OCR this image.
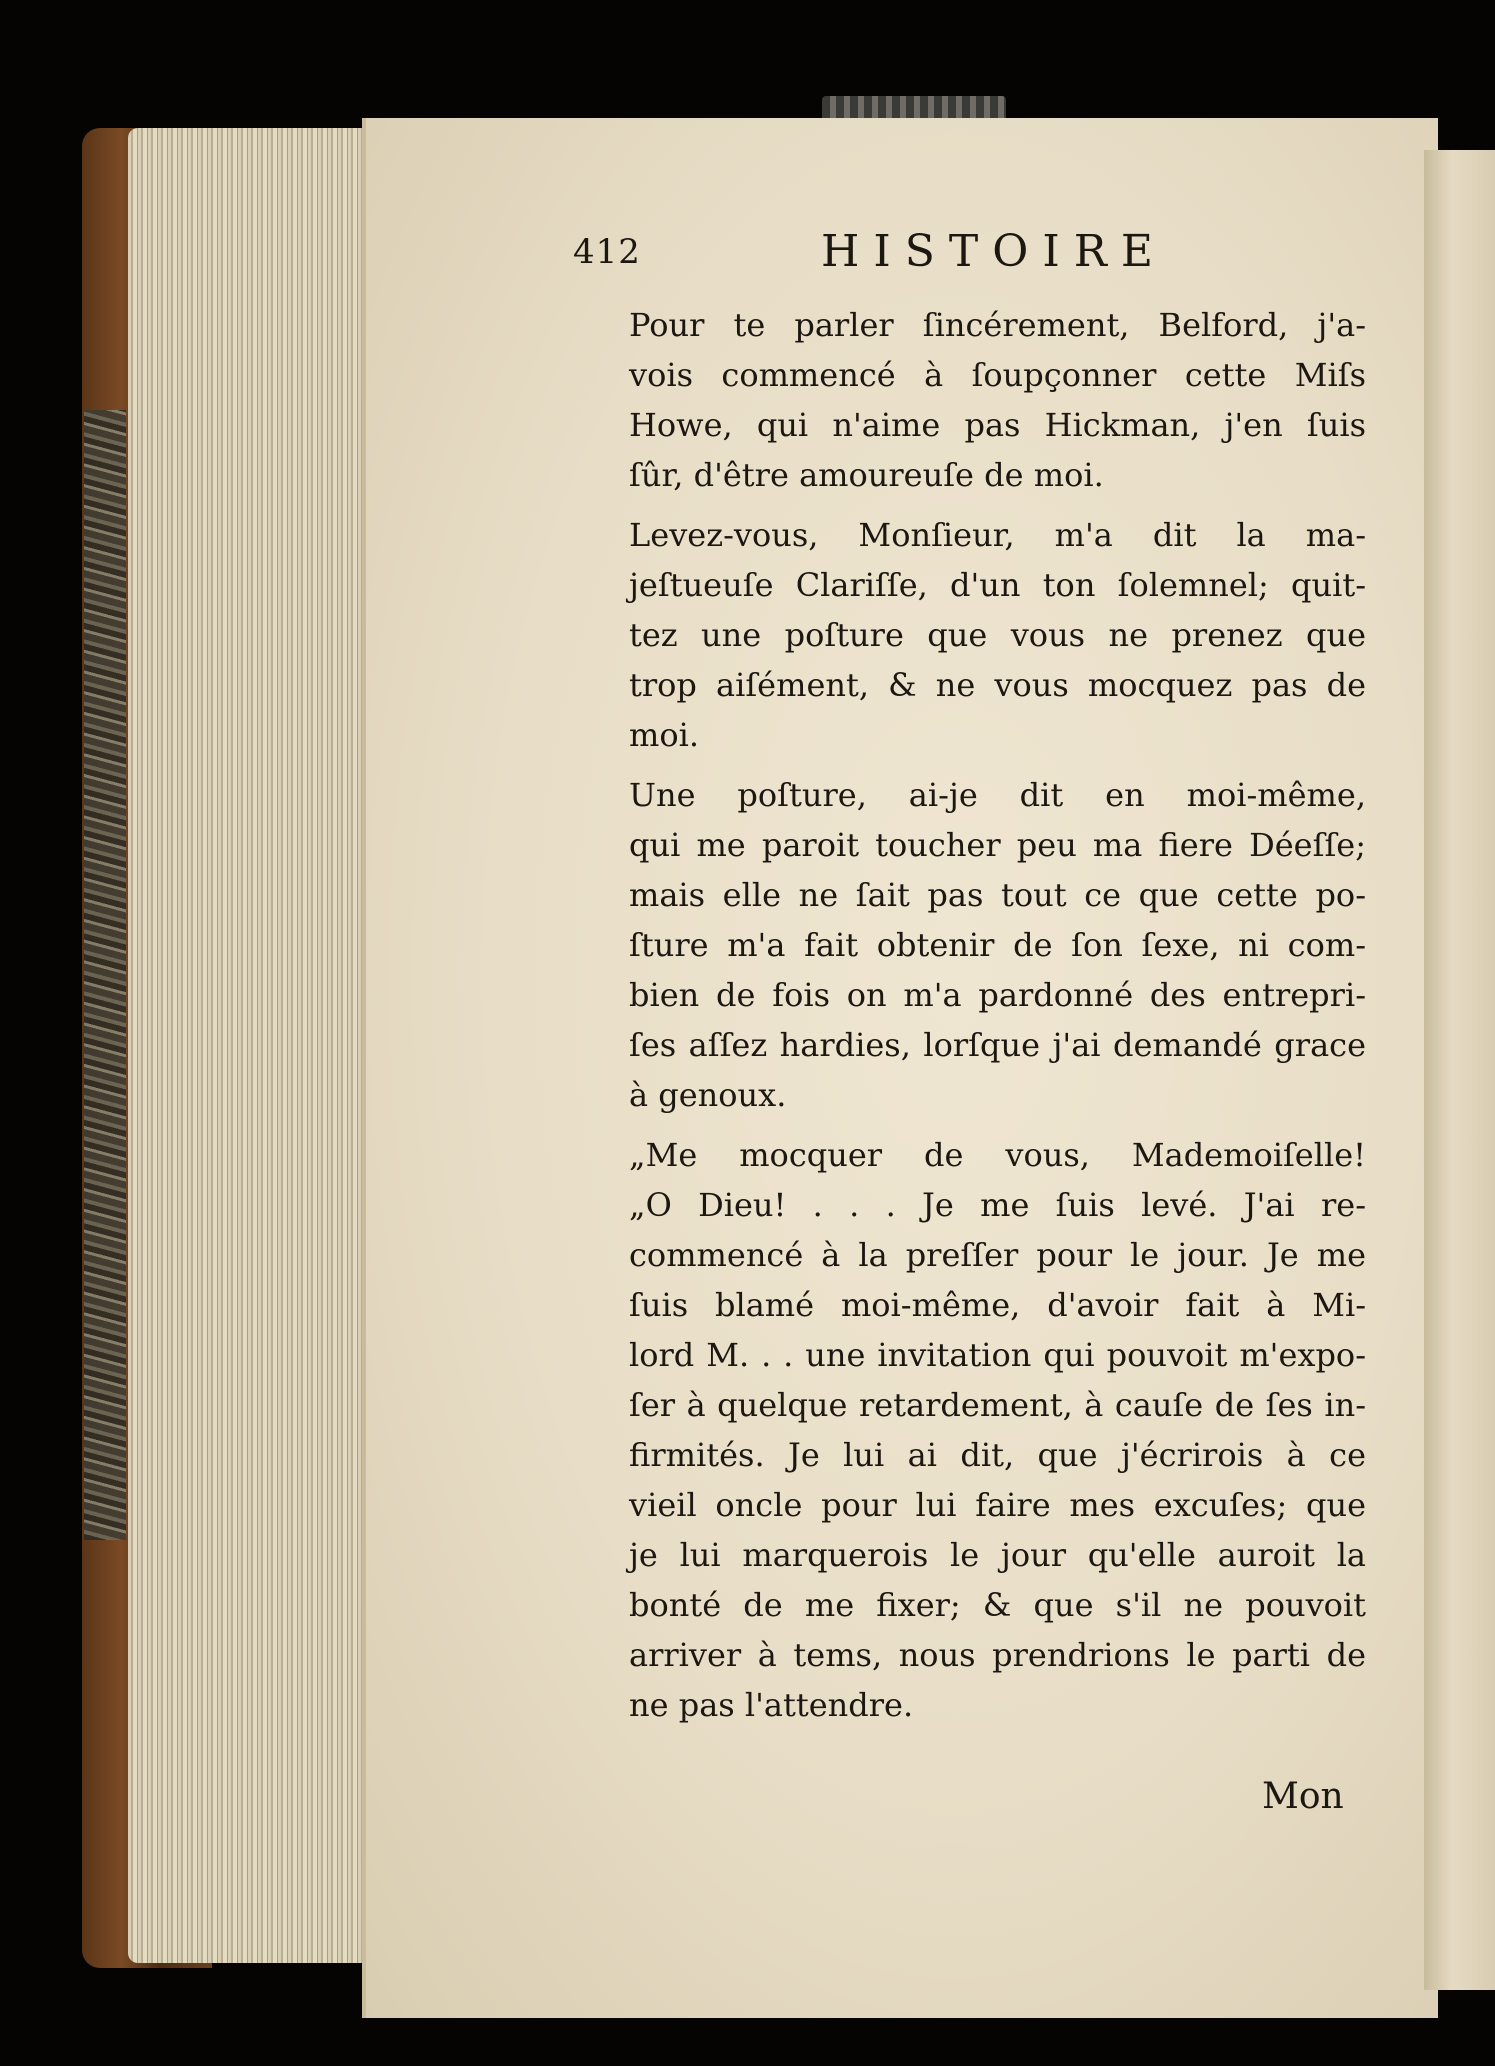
412	HISTOIRE

Pour te parler ſincérement, Belford, j'a-
vois commencé à ſoupçonner cette Miſs
Howe, qui n'aime pas Hickman, j'en ſuis
ſûr, d'être amoureuſe de moi.

Levez-vous, Monſieur, m'a dit la ma-
jeſtueuſe Clariſſe, d'un ton ſolemnel; quit-
tez une poſture que vous ne prenez que
trop aiſément, & ne vous mocquez pas de
moi.

Une poſture, ai-je dit en moi-même,
qui me paroit toucher peu ma fiere Déeſſe;
mais elle ne ſait pas tout ce que cette po-
ſture m'a fait obtenir de ſon ſexe, ni com-
bien de fois on m'a pardonné des entrepri-
ſes aſſez hardies, lorſque j'ai demandé grace
à genoux.

„Me mocquer de vous, Mademoiſelle!
„O Dieu! . . . Je me ſuis levé. J'ai re-
commencé à la preſſer pour le jour. Je me
ſuis blamé moi-même, d'avoir fait à Mi-
lord M. . . une invitation qui pouvoit m'expo-
ſer à quelque retardement, à cauſe de ſes in-
firmités. Je lui ai dit, que j'écrirois à ce
vieil oncle pour lui faire mes excuſes; que
je lui marquerois le jour qu'elle auroit la
bonté de me fixer; & que s'il ne pouvoit
arriver à tems, nous prendrions le parti de
ne pas l'attendre.

Mon
